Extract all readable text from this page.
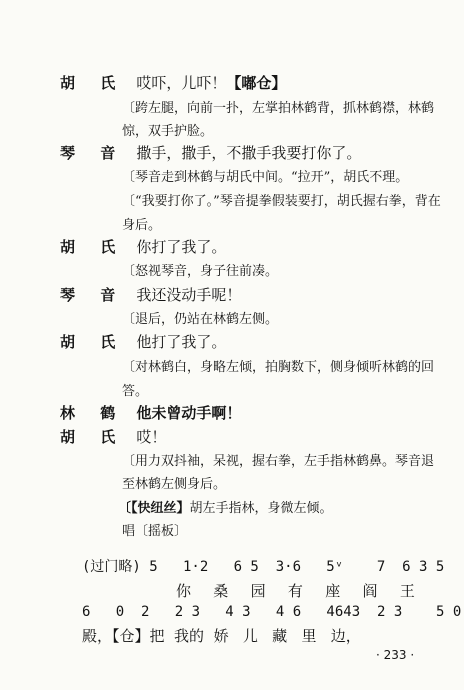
胡 氏 哎吓，儿吓！【嘟仓】
〔跨左腿，向前一扑，左掌拍林鹤背，抓林鹤襟，林鹤
惊，双手护脸。
琴 音 撒手，撒手，不撒手我要打你了。
〔琴音走到林鹤与胡氏中间。“拉开”，胡氏不理。
〔“我要打你了。”琴音提拳假装要打，胡氏握右拳，背在
身后。
胡 氏 你打了我了。
〔怒视琴音，身子往前凑。
琴 音 我还没动手呢！
〔退后，仍站在林鹤左侧。
胡 氏 他打了我了。
〔对林鹤白，身略左倾，拍胸数下，侧身倾听林鹤的回
答。
林 鹤 他未曾动手啊！
胡 氏 哎！
〔用力双抖袖，呆视，握右拳，左手指林鹤鼻。琴音退
至林鹤左侧身后。
〔【快纽丝】胡左手指林，身微左倾。
唱〔摇板〕
(过门略) 5   1·2   6 5  3·6   5ᵛ    7  6 3 5
你   桑   园   有   座   阎   王
6   0  2   2 3   4 3   4 6   4643  2 3    5 0
殿，【仓】把  我的  娇   儿   藏   里   边，
· 233 ·
